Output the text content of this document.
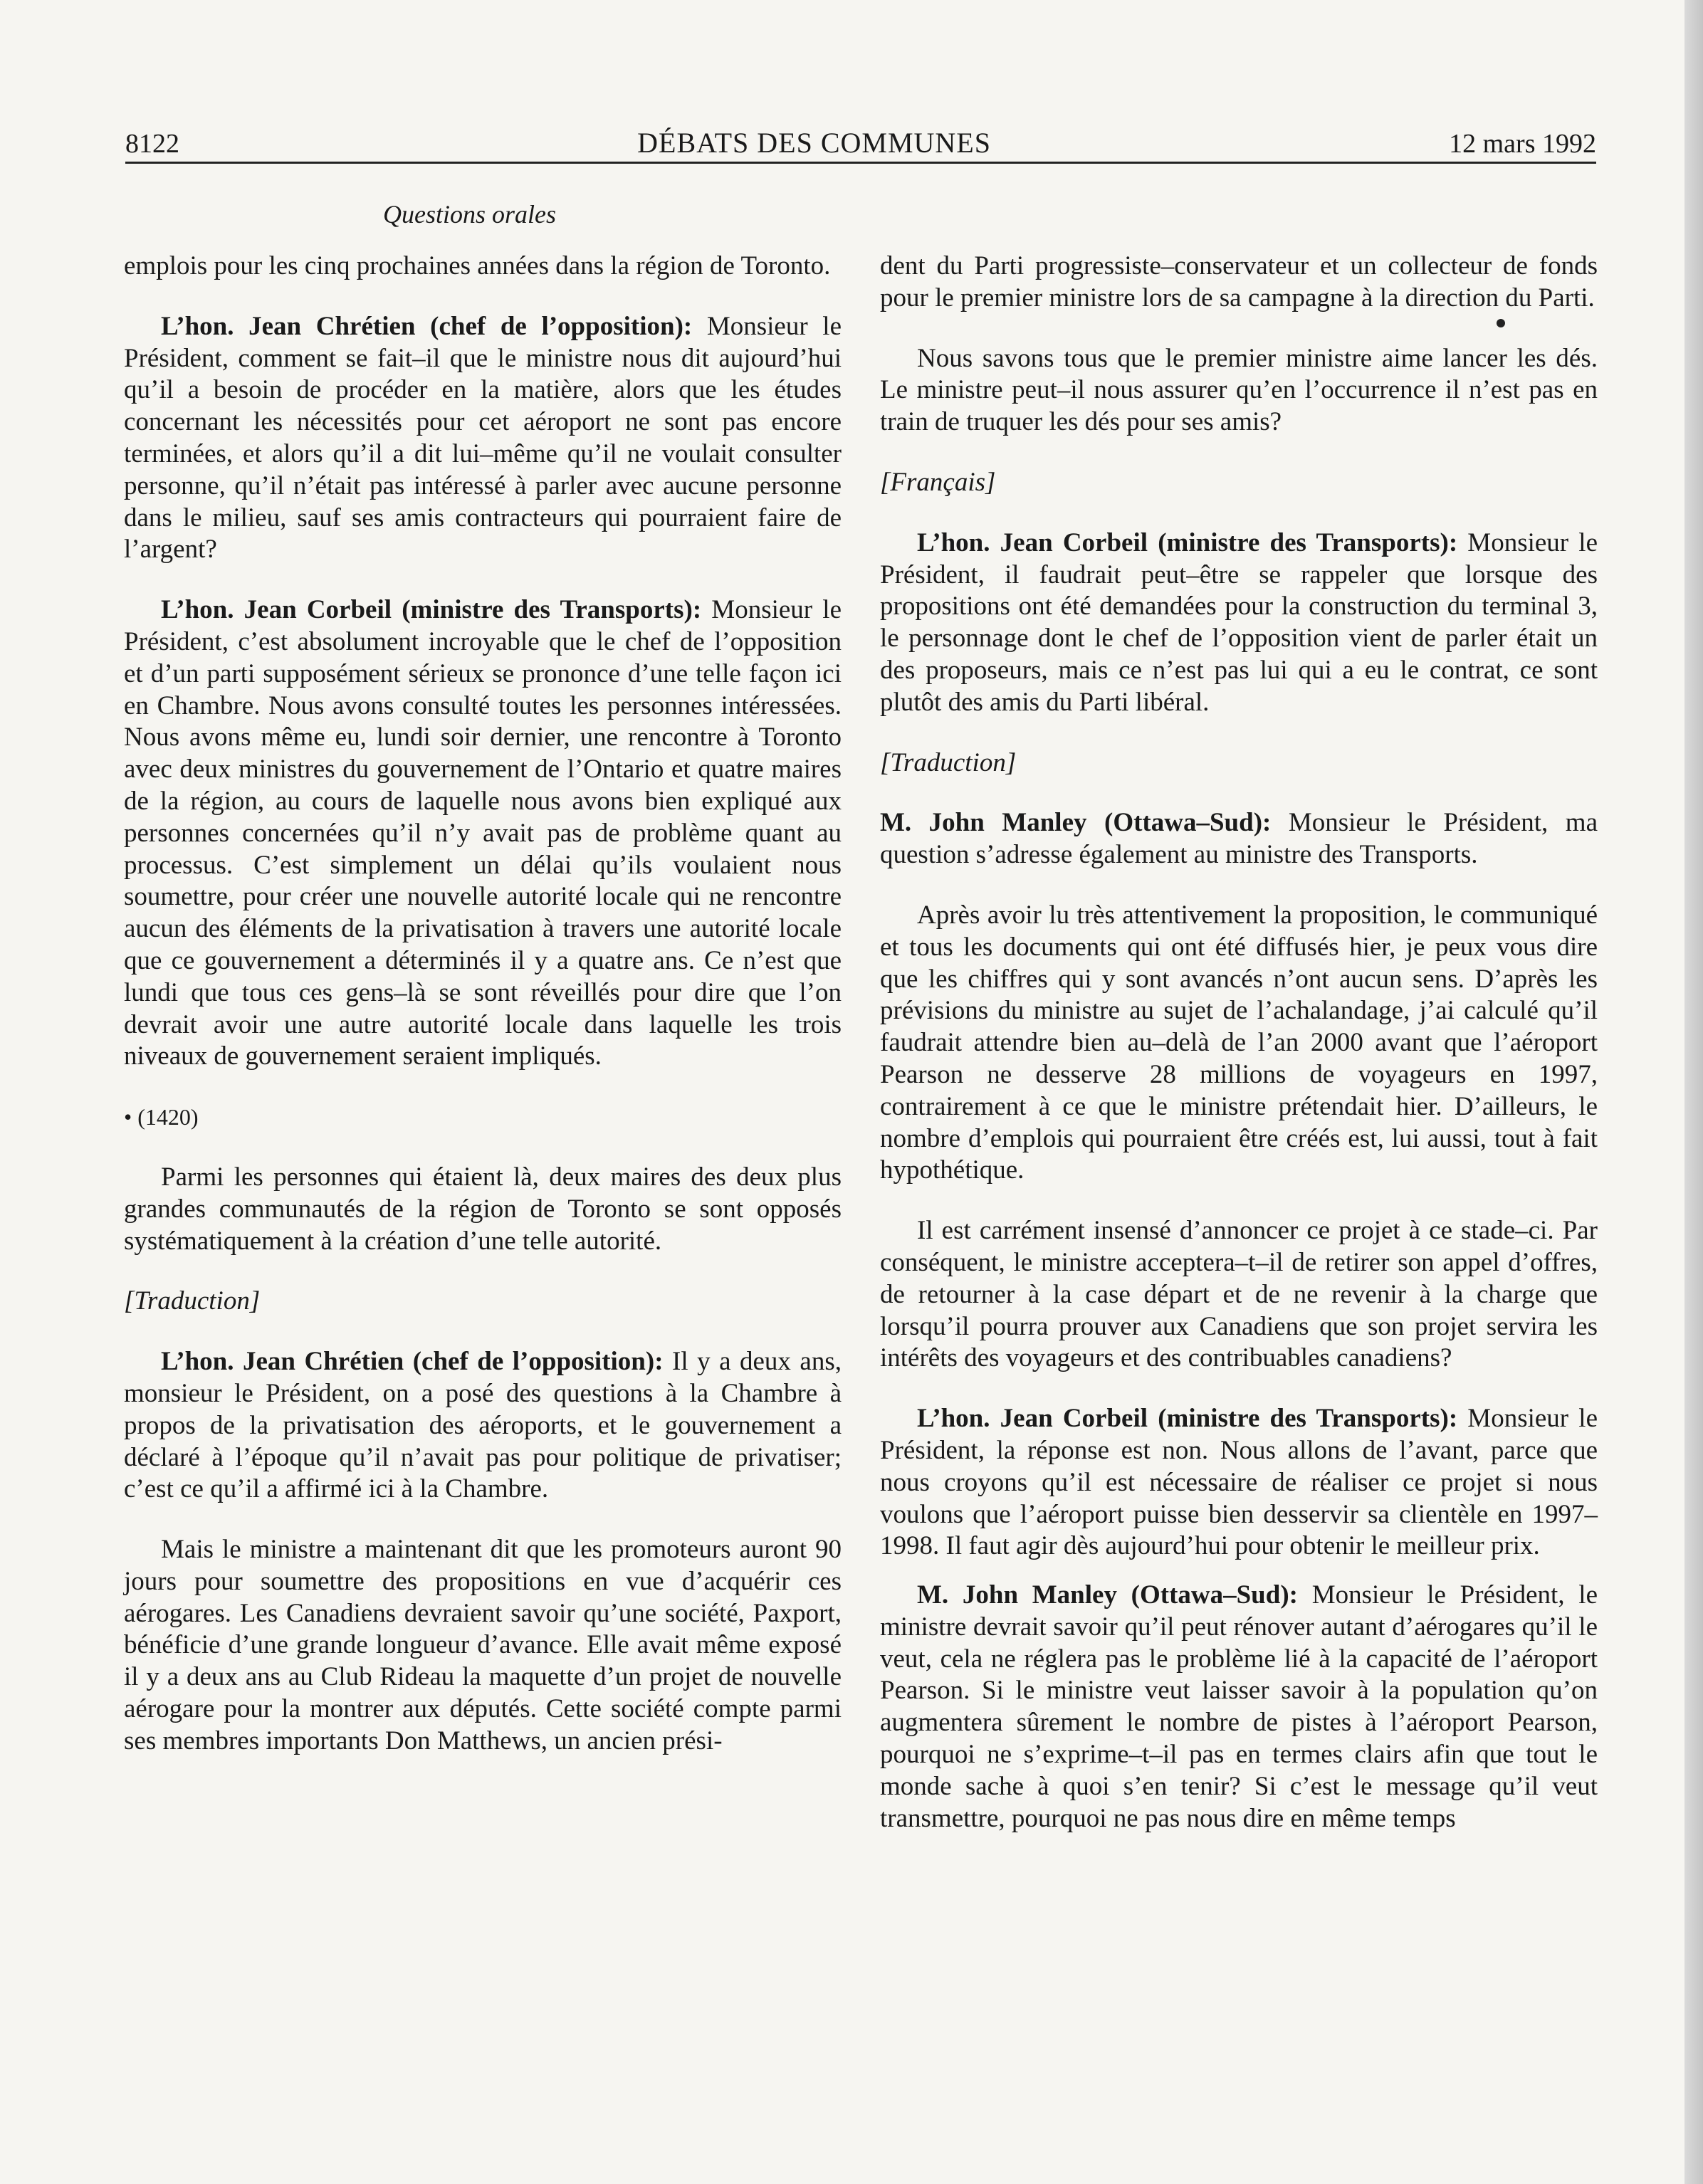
8122	DÉBATS DES COMMUNES	12 mars 1992
Questions orales

emplois pour les cinq prochaines années dans la région de Toronto.

L’hon. Jean Chrétien (chef de l’opposition): Monsieur le Président, comment se fait–il que le ministre nous dit aujourd’hui qu’il a besoin de procéder en la matière, alors que les études concernant les nécessités pour cet aéroport ne sont pas encore terminées, et alors qu’il a dit lui–même qu’il ne voulait consulter personne, qu’il n’était pas intéressé à parler avec aucune personne dans le milieu, sauf ses amis contracteurs qui pourraient faire de l’argent?

L’hon. Jean Corbeil (ministre des Transports): Monsieur le Président, c’est absolument incroyable que le chef de l’opposition et d’un parti supposément sérieux se prononce d’une telle façon ici en Chambre. Nous avons consulté toutes les personnes intéressées. Nous avons même eu, lundi soir dernier, une rencontre à Toronto avec deux ministres du gouvernement de l’Ontario et quatre maires de la région, au cours de laquelle nous avons bien expliqué aux personnes concernées qu’il n’y avait pas de problème quant au processus. C’est simplement un délai qu’ils voulaient nous soumettre, pour créer une nouvelle autorité locale qui ne rencontre aucun des éléments de la privatisation à travers une autorité locale que ce gouvernement a déterminés il y a quatre ans. Ce n’est que lundi que tous ces gens–là se sont réveillés pour dire que l’on devrait avoir une autre autorité locale dans laquelle les trois niveaux de gouvernement seraient impliqués.

• (1420)

Parmi les personnes qui étaient là, deux maires des deux plus grandes communautés de la région de Toronto se sont opposés systématiquement à la création d’une telle autorité.

[Traduction]

L’hon. Jean Chrétien (chef de l’opposition): Il y a deux ans, monsieur le Président, on a posé des questions à la Chambre à propos de la privatisation des aéroports, et le gouvernement a déclaré à l’époque qu’il n’avait pas pour politique de privatiser; c’est ce qu’il a affirmé ici à la Chambre.

Mais le ministre a maintenant dit que les promoteurs auront 90 jours pour soumettre des propositions en vue d’acquérir ces aérogares. Les Canadiens devraient savoir qu’une société, Paxport, bénéficie d’une grande longueur d’avance. Elle avait même exposé il y a deux ans au Club Rideau la maquette d’un projet de nouvelle aérogare pour la montrer aux députés. Cette société compte parmi ses membres importants Don Matthews, un ancien prési-

dent du Parti progressiste–conservateur et un collecteur de fonds pour le premier ministre lors de sa campagne à la direction du Parti.

Nous savons tous que le premier ministre aime lancer les dés. Le ministre peut–il nous assurer qu’en l’occurrence il n’est pas en train de truquer les dés pour ses amis?

[Français]

L’hon. Jean Corbeil (ministre des Transports): Monsieur le Président, il faudrait peut–être se rappeler que lorsque des propositions ont été demandées pour la construction du terminal 3, le personnage dont le chef de l’opposition vient de parler était un des proposeurs, mais ce n’est pas lui qui a eu le contrat, ce sont plutôt des amis du Parti libéral.

[Traduction]

M. John Manley (Ottawa–Sud): Monsieur le Président, ma question s’adresse également au ministre des Transports.

Après avoir lu très attentivement la proposition, le communiqué et tous les documents qui ont été diffusés hier, je peux vous dire que les chiffres qui y sont avancés n’ont aucun sens. D’après les prévisions du ministre au sujet de l’achalandage, j’ai calculé qu’il faudrait attendre bien au–delà de l’an 2000 avant que l’aéroport Pearson ne desserve 28 millions de voyageurs en 1997, contrairement à ce que le ministre prétendait hier. D’ailleurs, le nombre d’emplois qui pourraient être créés est, lui aussi, tout à fait hypothétique.

Il est carrément insensé d’annoncer ce projet à ce stade–ci. Par conséquent, le ministre acceptera–t–il de retirer son appel d’offres, de retourner à la case départ et de ne revenir à la charge que lorsqu’il pourra prouver aux Canadiens que son projet servira les intérêts des voyageurs et des contribuables canadiens?

L’hon. Jean Corbeil (ministre des Transports): Monsieur le Président, la réponse est non. Nous allons de l’avant, parce que nous croyons qu’il est nécessaire de réaliser ce projet si nous voulons que l’aéroport puisse bien desservir sa clientèle en 1997–1998. Il faut agir dès aujourd’hui pour obtenir le meilleur prix.

M. John Manley (Ottawa–Sud): Monsieur le Président, le ministre devrait savoir qu’il peut rénover autant d’aérogares qu’il le veut, cela ne réglera pas le problème lié à la capacité de l’aéroport Pearson. Si le ministre veut laisser savoir à la population qu’on augmentera sûrement le nombre de pistes à l’aéroport Pearson, pourquoi ne s’exprime–t–il pas en termes clairs afin que tout le monde sache à quoi s’en tenir? Si c’est le message qu’il veut transmettre, pourquoi ne pas nous dire en même temps
